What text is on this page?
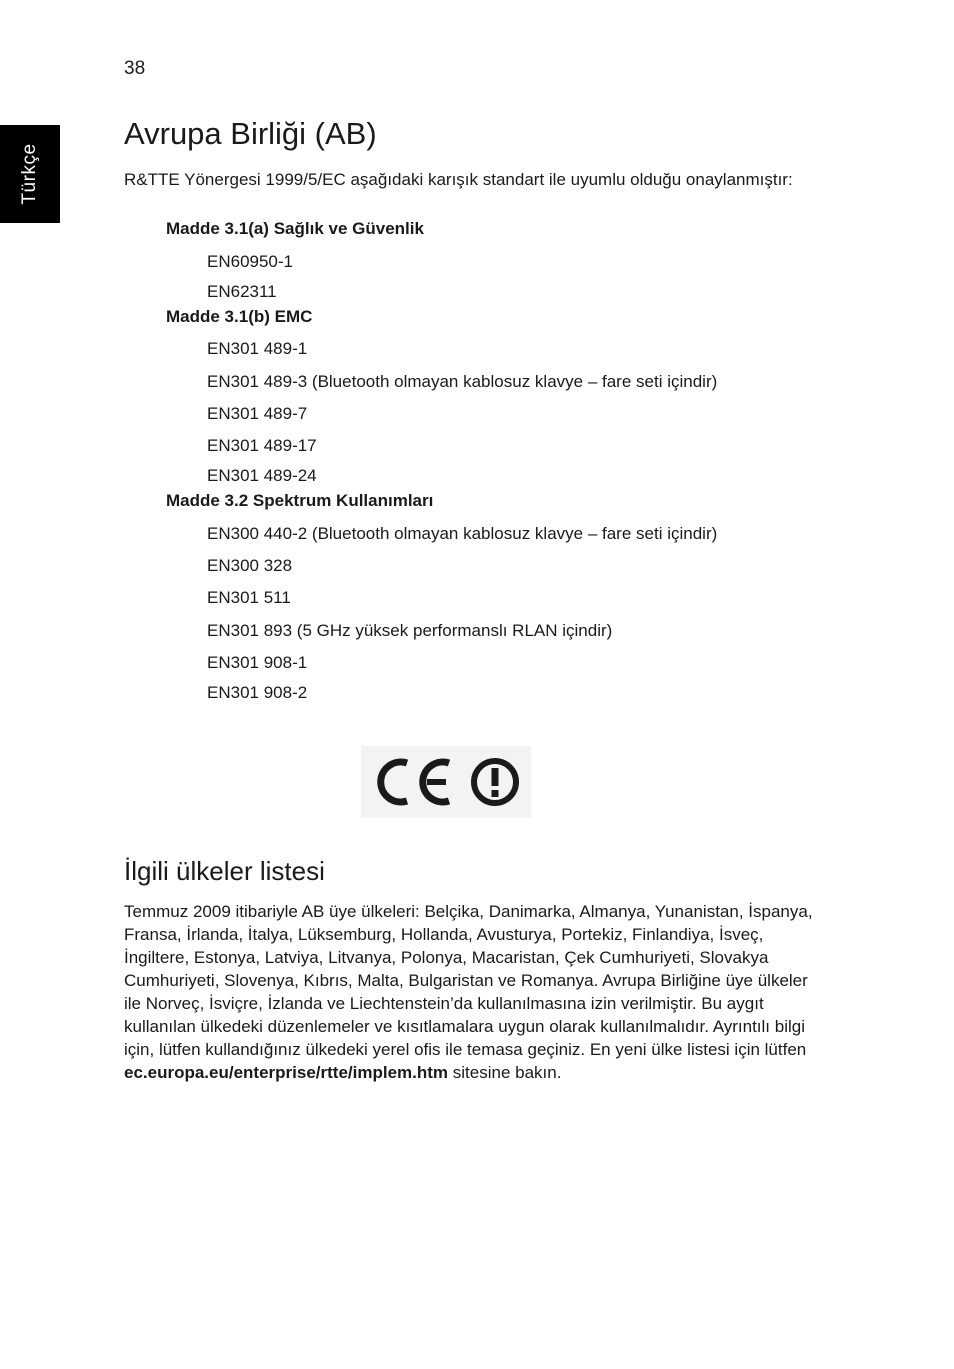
38
Türkçe
Avrupa Birliği (AB)

R&TTE Yönergesi 1999/5/EC aşağıdaki karışık standart ile uyumlu olduğu onaylanmıştır:

Madde 3.1(a) Sağlık ve Güvenlik

EN60950-1

EN62311

Madde 3.1(b) EMC

EN301 489-1

EN301 489-3 (Bluetooth olmayan kablosuz klavye – fare seti içindir)

EN301 489-7

EN301 489-17

EN301 489-24

Madde 3.2 Spektrum Kullanımları

EN300 440-2 (Bluetooth olmayan kablosuz klavye – fare seti içindir)

EN300 328

EN301 511

EN301 893 (5 GHz yüksek performanslı RLAN içindir)

EN301 908-1

EN301 908-2

İlgili ülkeler listesi

Temmuz 2009 itibariyle AB üye ülkeleri: Belçika, Danimarka, Almanya, Yunanistan, İspanya, Fransa, İrlanda, İtalya, Lüksemburg, Hollanda, Avusturya, Portekiz, Finlandiya, İsveç, İngiltere, Estonya, Latviya, Litvanya, Polonya, Macaristan, Çek Cumhuriyeti, Slovakya Cumhuriyeti, Slovenya, Kıbrıs, Malta, Bulgaristan ve Romanya. Avrupa Birliğine üye ülkeler ile Norveç, İsviçre, İzlanda ve Liechtenstein’da kullanılmasına izin verilmiştir. Bu aygıt kullanılan ülkedeki düzenlemeler ve kısıtlamalara uygun olarak kullanılmalıdır. Ayrıntılı bilgi için, lütfen kullandığınız ülkedeki yerel ofis ile temasa geçiniz. En yeni ülke listesi için lütfen ec.europa.eu/enterprise/rtte/implem.htm sitesine bakın.
